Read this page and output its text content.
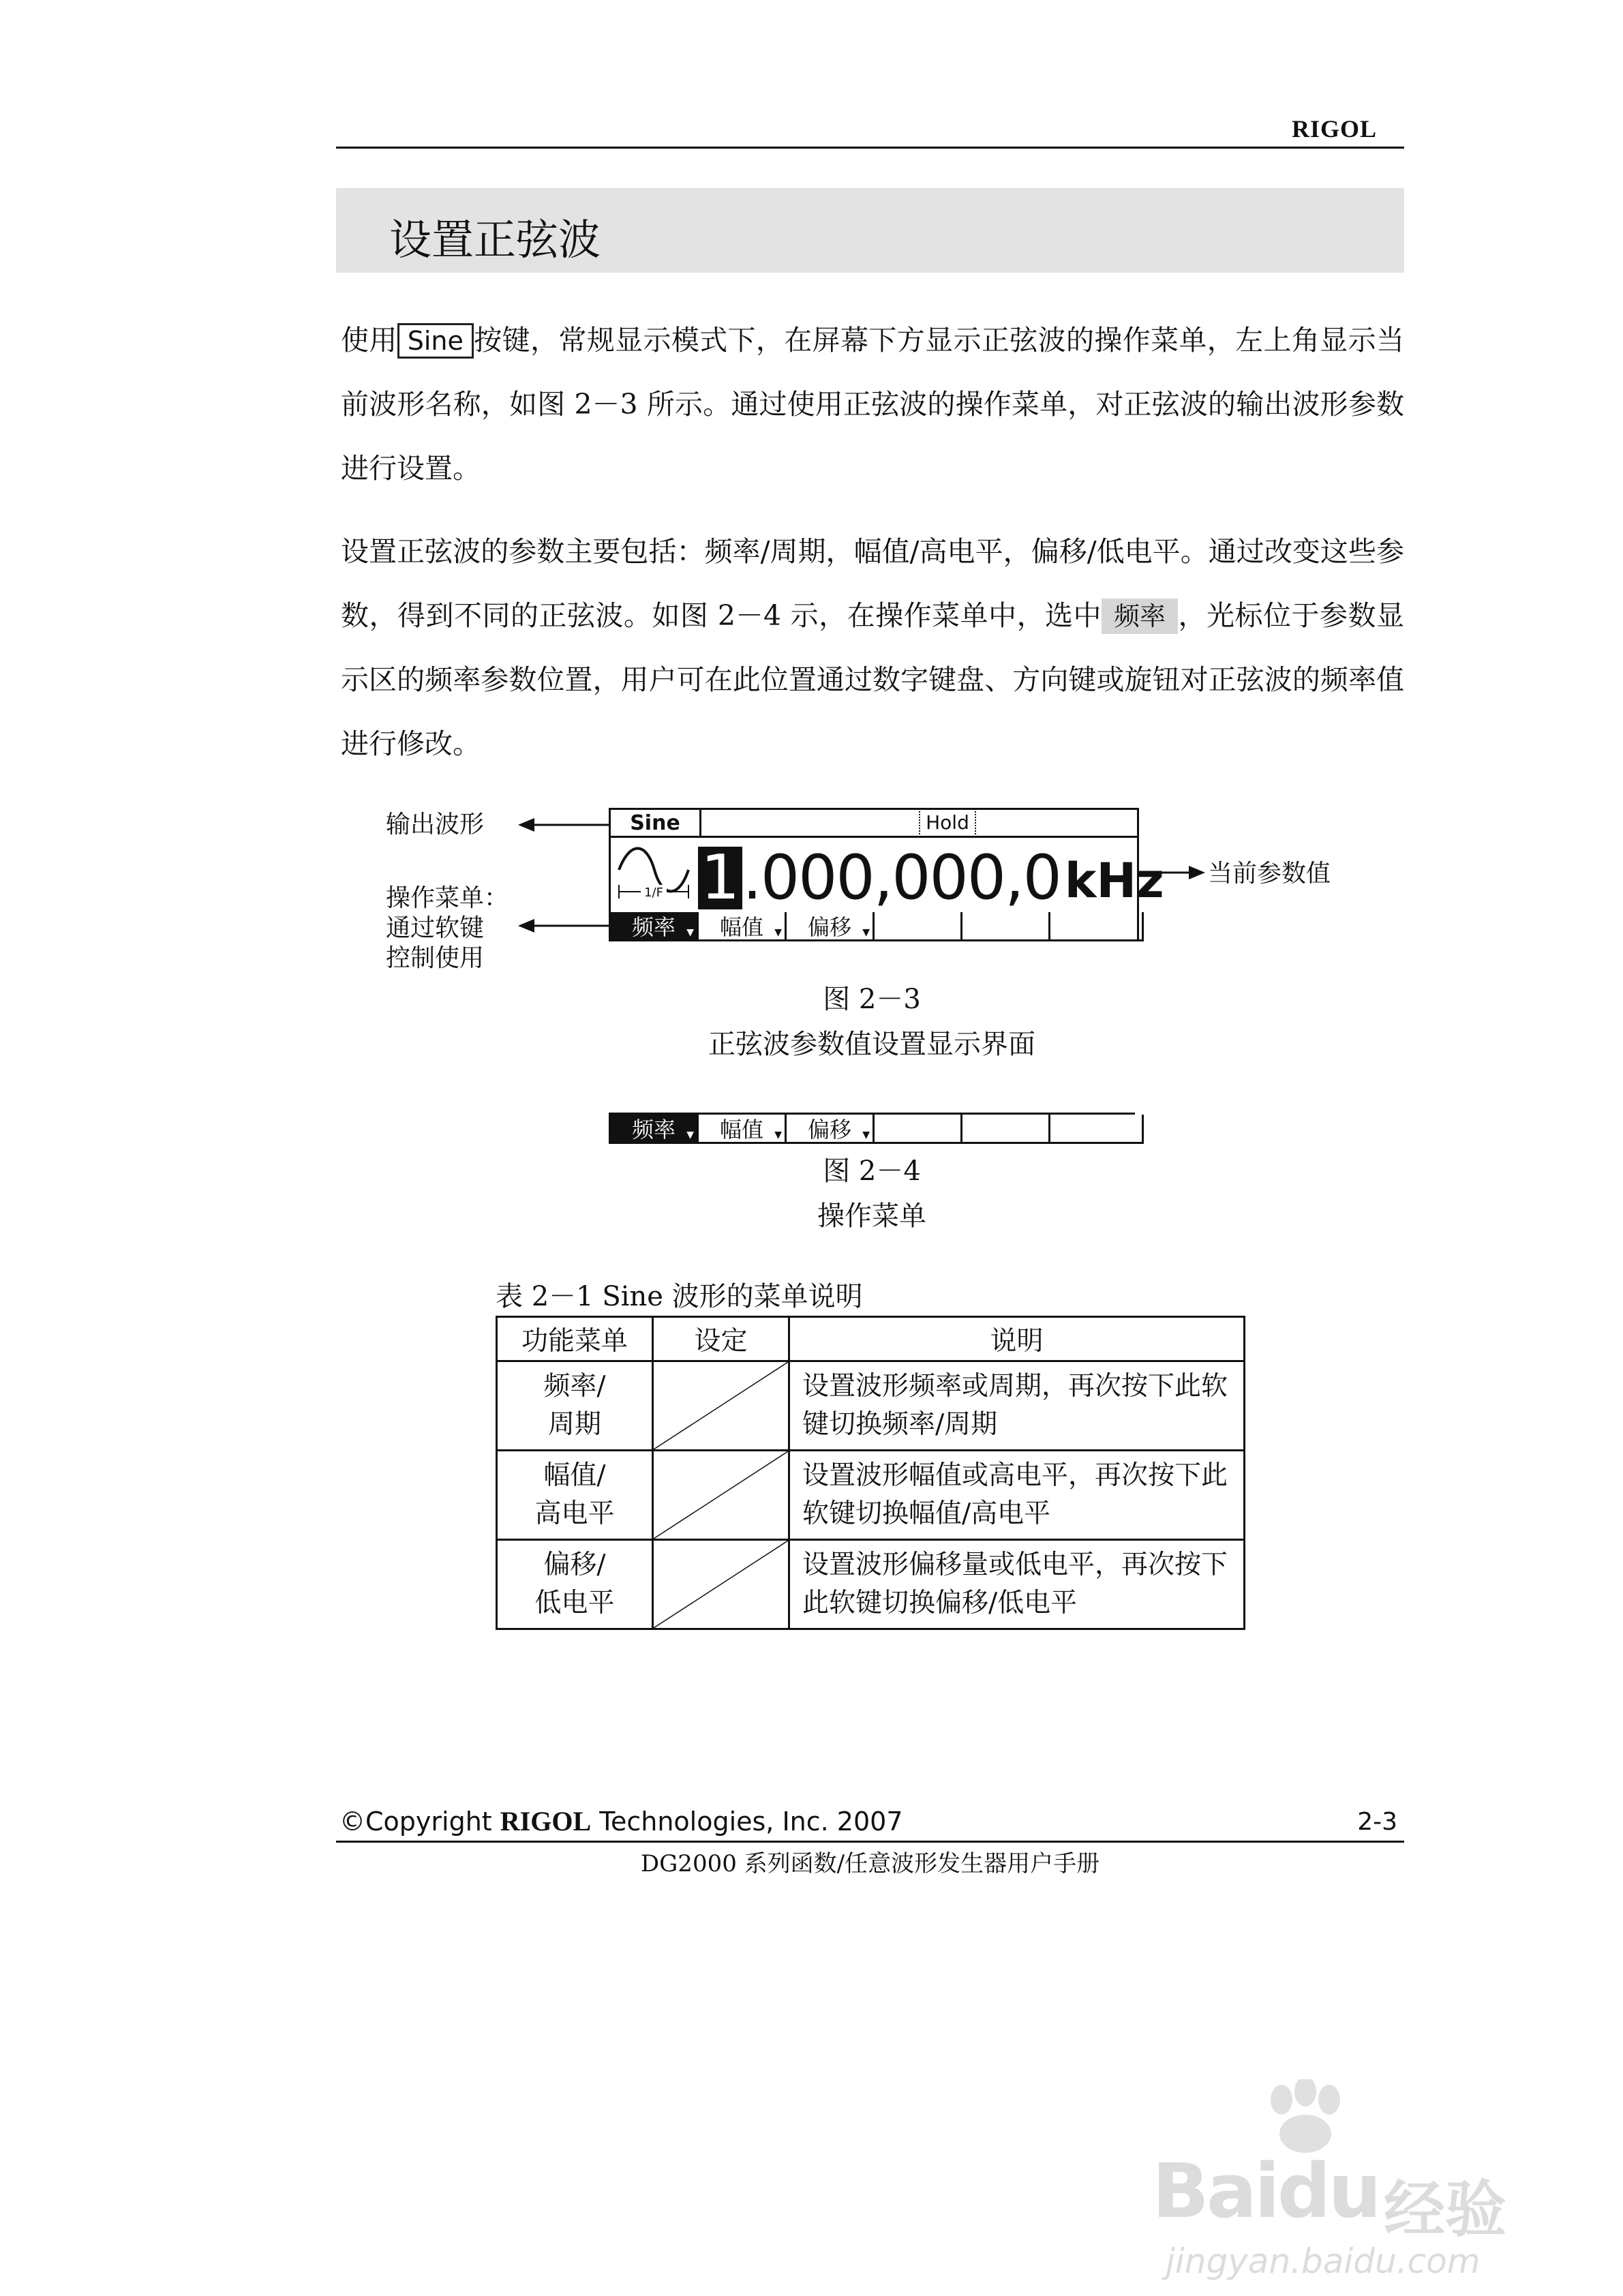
RIGOL
设置正弦波
使用 Sine 按键，常规显示模式下，在屏幕下方显示正弦波的操作菜单，左上角显示当前波形名称，如图 2－3 所示。通过使用正弦波的操作菜单，对正弦波的输出波形参数进行设置。
设置正弦波的参数主要包括：频率/周期，幅值/高电平，偏移/低电平。通过改变这些参数，得到不同的正弦波。如图 2－4 示，在操作菜单中，选中 频率 ，光标位于参数显示区的频率参数位置，用户可在此位置通过数字键盘、方向键或旋钮对正弦波的频率值进行修改。
输出波形
操作菜单：
通过软键
控制使用
当前参数值
Sine	Hold
1/F 1 .000,000,0 kHz
频率 ▼ 幅值 ▼ 偏移 ▼
图 2－3
正弦波参数值设置显示界面
频率 ▼ 幅值 ▼ 偏移 ▼
图 2－4
操作菜单
表 2－1 Sine 波形的菜单说明
功能菜单	设定	说明

频率/
周期		设置波形频率或周期，再次按下此软键切换频率/周期

幅值/
高电平		设置波形幅值或高电平，再次按下此软键切换幅值/高电平

偏移/
低电平		设置波形偏移量或低电平，再次按下此软键切换偏移/低电平
©Copyright RIGOL Technologies, Inc. 2007	2-3
DG2000 系列函数/任意波形发生器用户手册
Baidu 经验
jingyan.baidu.com
